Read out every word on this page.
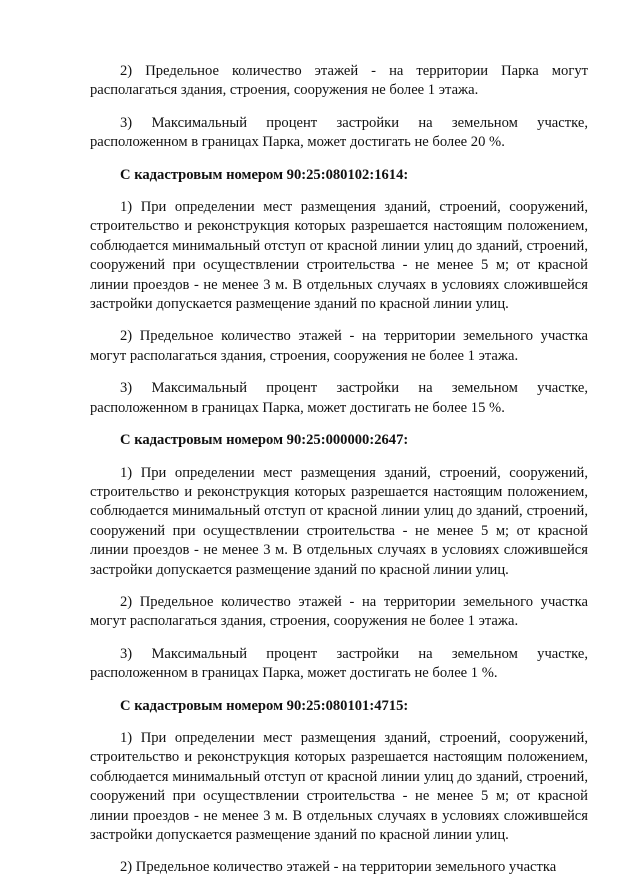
2) Предельное количество этажей - на территории Парка могут располагаться здания, строения, сооружения не более 1 этажа.

3) Максимальный процент застройки на земельном участке, расположенном в границах Парка, может достигать не более 20 %.

С кадастровым номером 90:25:080102:1614:

1) При определении мест размещения зданий, строений, сооружений, строительство и реконструкция которых разрешается настоящим положением, соблюдается минимальный отступ от красной линии улиц до зданий, строений, сооружений при осуществлении строительства - не менее 5 м; от красной линии проездов - не менее 3 м. В отдельных случаях в условиях сложившейся застройки допускается размещение зданий по красной линии улиц.

2) Предельное количество этажей - на территории земельного участка могут располагаться здания, строения, сооружения не более 1 этажа.

3) Максимальный процент застройки на земельном участке, расположенном в границах Парка, может достигать не более 15 %.

С кадастровым номером 90:25:000000:2647:

1) При определении мест размещения зданий, строений, сооружений, строительство и реконструкция которых разрешается настоящим положением, соблюдается минимальный отступ от красной линии улиц до зданий, строений, сооружений при осуществлении строительства - не менее 5 м; от красной линии проездов - не менее 3 м. В отдельных случаях в условиях сложившейся застройки допускается размещение зданий по красной линии улиц.

2) Предельное количество этажей - на территории земельного участка могут располагаться здания, строения, сооружения не более 1 этажа.

3) Максимальный процент застройки на земельном участке, расположенном в границах Парка, может достигать не более 1 %.

С кадастровым номером 90:25:080101:4715:

1) При определении мест размещения зданий, строений, сооружений, строительство и реконструкция которых разрешается настоящим положением, соблюдается минимальный отступ от красной линии улиц до зданий, строений, сооружений при осуществлении строительства - не менее 5 м; от красной линии проездов - не менее 3 м. В отдельных случаях в условиях сложившейся застройки допускается размещение зданий по красной линии улиц.

2) Предельное количество этажей - на территории земельного участка
